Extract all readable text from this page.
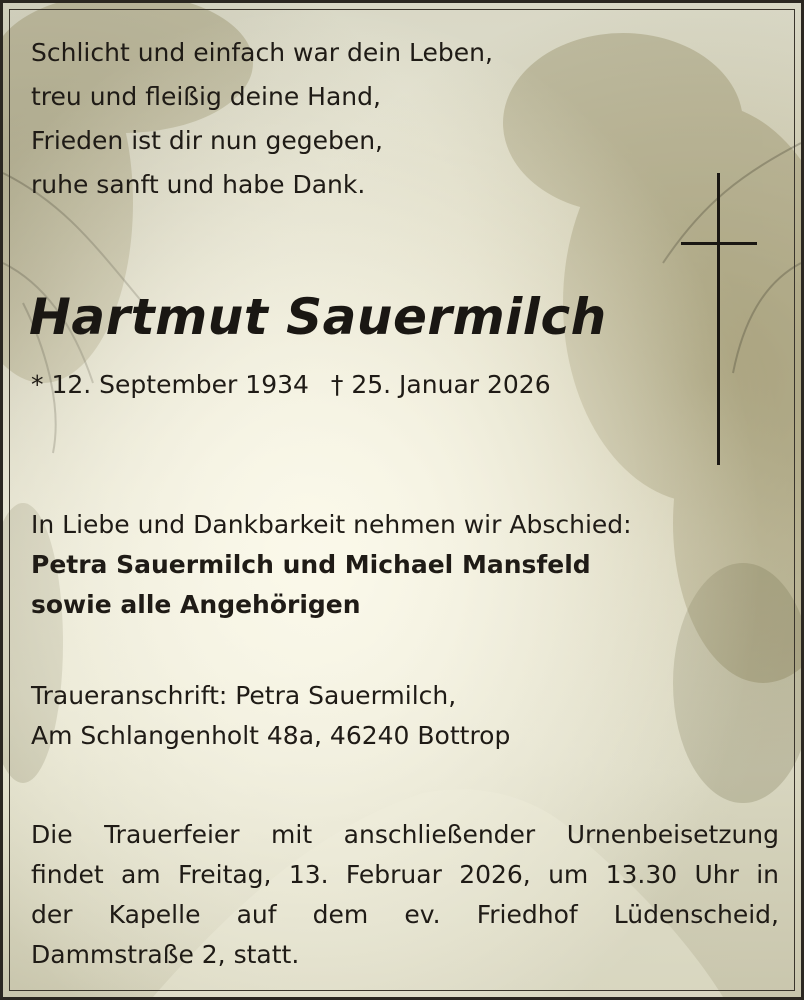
Schlicht und einfach war dein Leben,
treu und fleißig deine Hand,
Frieden ist dir nun gegeben,
ruhe sanft und habe Dank.
Hartmut Sauermilch
* 12. September 1934 † 25. Januar 2026
In Liebe und Dankbarkeit nehmen wir Abschied:
Petra Sauermilch und Michael Mansfeld
sowie alle Angehörigen
Traueranschrift: Petra Sauermilch,
Am Schlangenholt 48a, 46240 Bottrop
Die Trauerfeier mit anschließender Urnenbeisetzung
findet am Freitag, 13. Februar 2026, um 13.30 Uhr in
der Kapelle auf dem ev. Friedhof Lüdenscheid,
Dammstraße 2, statt.
